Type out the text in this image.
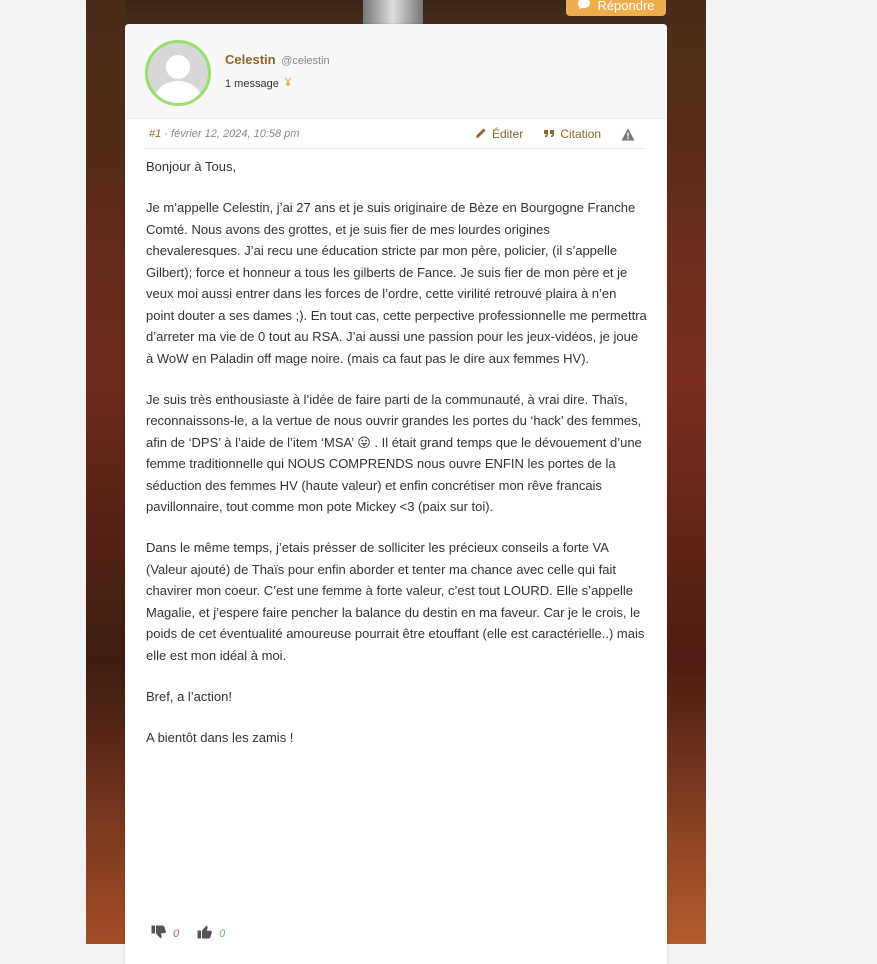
Répondre
Celestin @celestin
1 message
#1 · février 12, 2024, 10:58 pm	Éditer	Citation

Bonjour à Tous,

Je m’appelle Celestin, j’ai 27 ans et je suis originaire de Bèze en Bourgogne Franche Comté. Nous avons des grottes, et je suis fier de mes lourdes origines chevaleresques. J’ai recu une éducation stricte par mon père, policier, (il s’appelle Gilbert); force et honneur a tous les gilberts de Fance. Je suis fier de mon père et je veux moi aussi entrer dans les forces de l’ordre, cette virilité retrouvé plaira à n’en point douter a ses dames ;). En tout cas, cette perpective professionnelle me permettra d’arreter ma vie de 0 tout au RSA. J’ai aussi une passion pour les jeux-vidéos, je joue à WoW en Paladin off mage noire. (mais ca faut pas le dire aux femmes HV).

Je suis très enthousiaste à l’idée de faire parti de la communauté, à vrai dire. Thaïs, reconnaissons-le, a la vertue de nous ouvrir grandes les portes du ‘hack’ des femmes, afin de ‘DPS’ à l’aide de l’item ‘MSA’ 😛 . Il était grand temps que le dévouement d’une femme traditionnelle qui NOUS COMPRENDS nous ouvre ENFIN les portes de la séduction des femmes HV (haute valeur) et enfin concrétiser mon rêve francais pavillonnaire, tout comme mon pote Mickey <3 (paix sur toi).

Dans le même temps, j’etais présser de solliciter les précieux conseils a forte VA (Valeur ajouté) de Thaïs pour enfin aborder et tenter ma chance avec celle qui fait chavirer mon coeur. C’est une femme à forte valeur, c’est tout LOURD. Elle s’appelle Magalie, et j’espere faire pencher la balance du destin en ma faveur. Car je le crois, le poids de cet éventualité amoureuse pourrait être etouffant (elle est caractérielle..) mais elle est mon idéal à moi.

Bref, a l’action!

A bientôt dans les zamis !

0	0
